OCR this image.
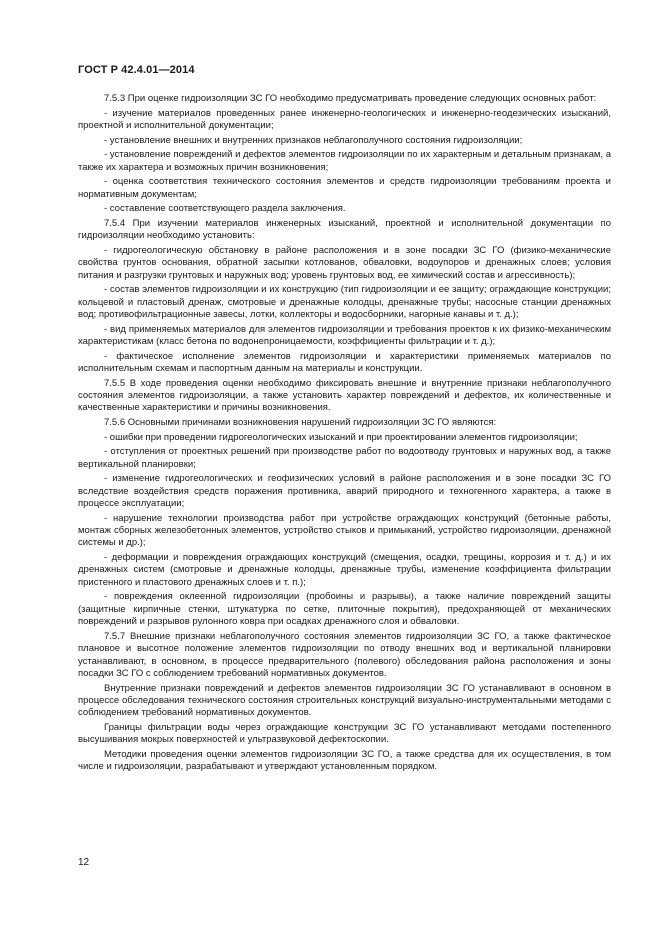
ГОСТ Р 42.4.01—2014

7.5.3 При оценке гидроизоляции ЗС ГО необходимо предусматривать проведение следующих основных работ:

- изучение материалов проведенных ранее инженерно-геологических и инженерно-геодезических изысканий, проектной и исполнительной документации;

- установление внешних и внутренних признаков неблагополучного состояния гидроизоляции;

- установление повреждений и дефектов элементов гидроизоляции по их характерным и детальным признакам, а также их характера и возможных причин возникновения;

- оценка соответствия технического состояния элементов и средств гидроизоляции требованиям проекта и нормативным документам;

- составление соответствующего раздела заключения.

7.5.4 При изучении материалов инженерных изысканий, проектной и исполнительной документации по гидроизоляции необходимо установить:

- гидрогеологическую обстановку в районе расположения и в зоне посадки ЗС ГО (физико-механические свойства грунтов основания, обратной засыпки котлованов, обваловки, водоупоров и дренажных слоев; условия питания и разгрузки грунтовых и наружных вод; уровень грунтовых вод, ее химический состав и агрессивность);

- состав элементов гидроизоляции и их конструкцию (тип гидроизоляции и ее защиту; ограждающие конструкции; кольцевой и пластовый дренаж, смотровые и дренажные колодцы, дренажные трубы; насосные станции дренажных вод; противофильтрационные завесы, лотки, коллекторы и водосборники, нагорные канавы и т. д.);

- вид применяемых материалов для элементов гидроизоляции и требования проектов к их физико-механическим характеристикам (класс бетона по водонепроницаемости, коэффициенты фильтрации и т. д.);

- фактическое исполнение элементов гидроизоляции и характеристики применяемых материалов по исполнительным схемам и паспортным данным на материалы и конструкции.

7.5.5 В ходе проведения оценки необходимо фиксировать внешние и внутренние признаки неблагополучного состояния элементов гидроизоляции, а также установить характер повреждений и дефектов, их количественные и качественные характеристики и причины возникновения.

7.5.6 Основными причинами возникновения нарушений гидроизоляции ЗС ГО являются:

- ошибки при проведении гидрогеологических изысканий и при проектировании элементов гидроизоляции;

- отступления от проектных решений при производстве работ по водоотводу грунтовых и наружных вод, а также вертикальной планировки;

- изменение гидрогеологических и геофизических условий в районе расположения и в зоне посадки ЗС ГО вследствие воздействия средств поражения противника, аварий природного и техногенного характера, а также в процессе эксплуатации;

- нарушение технологии производства работ при устройстве ограждающих конструкций (бетонные работы, монтаж сборных железобетонных элементов, устройство стыков и примыканий, устройство гидроизоляции, дренажной системы и др.);

- деформации и повреждения ограждающих конструкций (смещения, осадки, трещины, коррозия и т. д.) и их дренажных систем (смотровые и дренажные колодцы, дренажные трубы, изменение коэффициента фильтрации пристенного и пластового дренажных слоев и т. п.);

- повреждения оклеенной гидроизоляции (пробоины и разрывы), а также наличие повреждений защиты (защитные кирпичные стенки, штукатурка по сетке, плиточные покрытия), предохраняющей от механических повреждений и разрывов рулонного ковра при осадках дренажного слоя и обваловки.

7.5.7 Внешние признаки неблагополучного состояния элементов гидроизоляции ЗС ГО, а также фактическое плановое и высотное положение элементов гидроизоляции по отводу внешних вод и вертикальной планировки устанавливают, в основном, в процессе предварительного (полевого) обследования района расположения и зоны посадки ЗС ГО с соблюдением требований нормативных документов.

Внутренние признаки повреждений и дефектов элементов гидроизоляции ЗС ГО устанавливают в основном в процессе обследования технического состояния строительных конструкций визуально-инструментальными методами с соблюдением требований нормативных документов.

Границы фильтрации воды через ограждающие конструкции ЗС ГО устанавливают методами постепенного высушивания мокрых поверхностей и ультразвуковой дефектоскопии.

Методики проведения оценки элементов гидроизоляции ЗС ГО, а также средства для их осуществления, в том числе и гидроизоляции, разрабатывают и утверждают установленным порядком.

12
